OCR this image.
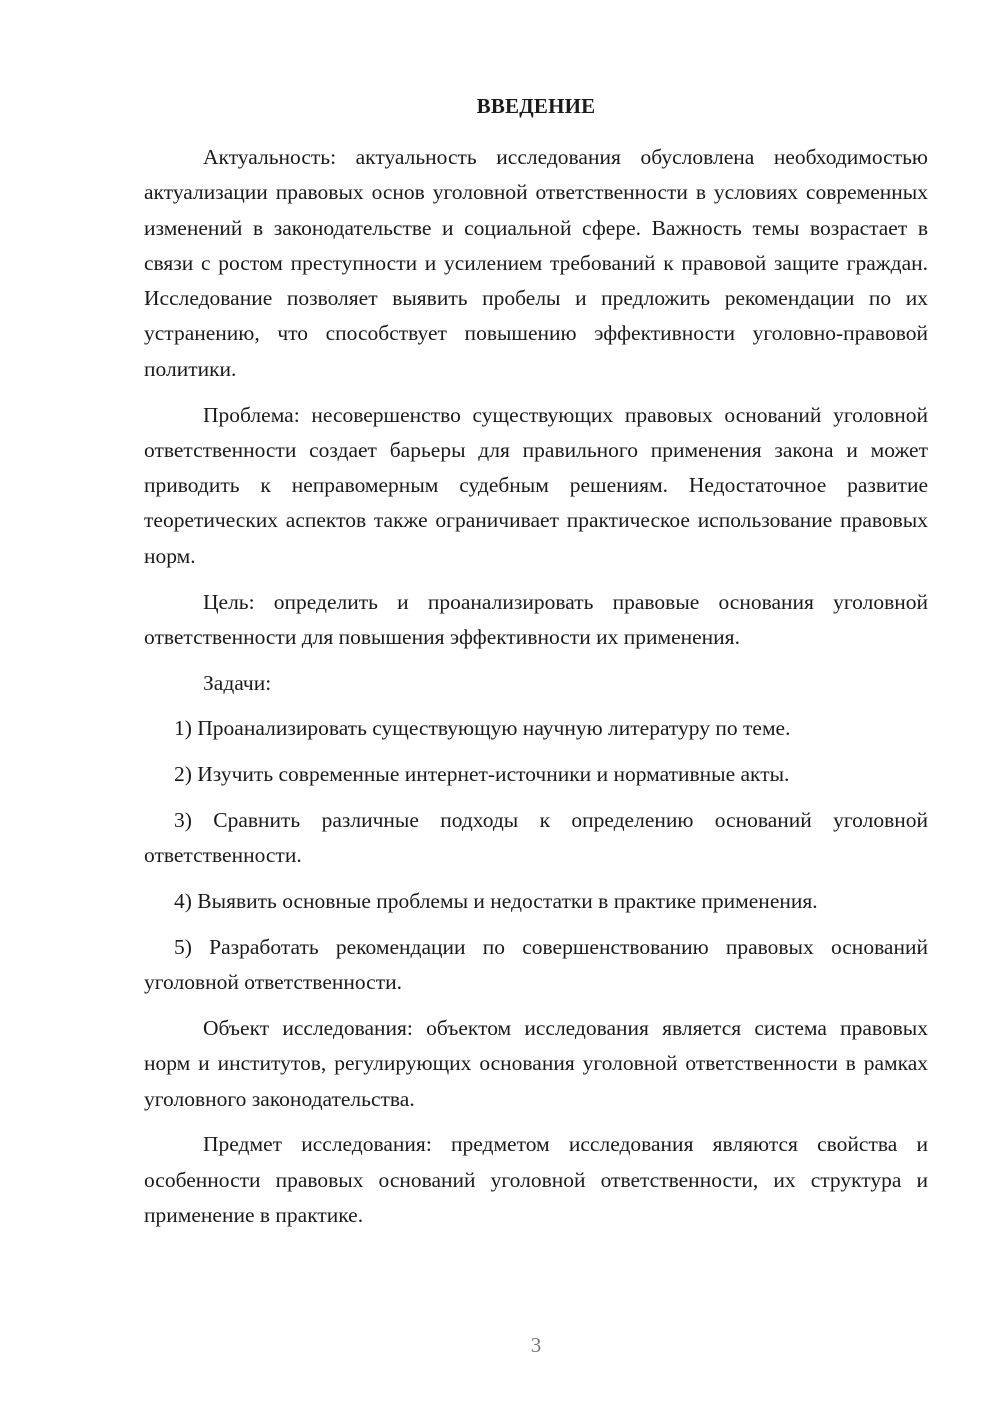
ВВЕДЕНИЕ

Актуальность: актуальность исследования обусловлена необходимостью актуализации правовых основ уголовной ответственности в условиях современных изменений в законодательстве и социальной сфере. Важность темы возрастает в связи с ростом преступности и усилением требований к правовой защите граждан. Исследование позволяет выявить пробелы и предложить рекомендации по их устранению, что способствует повышению эффективности уголовно-правовой политики.

Проблема: несовершенство существующих правовых оснований уголовной ответственности создает барьеры для правильного применения закона и может приводить к неправомерным судебным решениям. Недостаточное развитие теоретических аспектов также ограничивает практическое использование правовых норм.

Цель: определить и проанализировать правовые основания уголовной ответственности для повышения эффективности их применения.

Задачи:

1) Проанализировать существующую научную литературу по теме.

2) Изучить современные интернет-источники и нормативные акты.

3) Сравнить различные подходы к определению оснований уголовной ответственности.

4) Выявить основные проблемы и недостатки в практике применения.

5) Разработать рекомендации по совершенствованию правовых оснований уголовной ответственности.

Объект исследования: объектом исследования является система правовых норм и институтов, регулирующих основания уголовной ответственности в рамках уголовного законодательства.

Предмет исследования: предметом исследования являются свойства и особенности правовых оснований уголовной ответственности, их структура и применение в практике.

3
